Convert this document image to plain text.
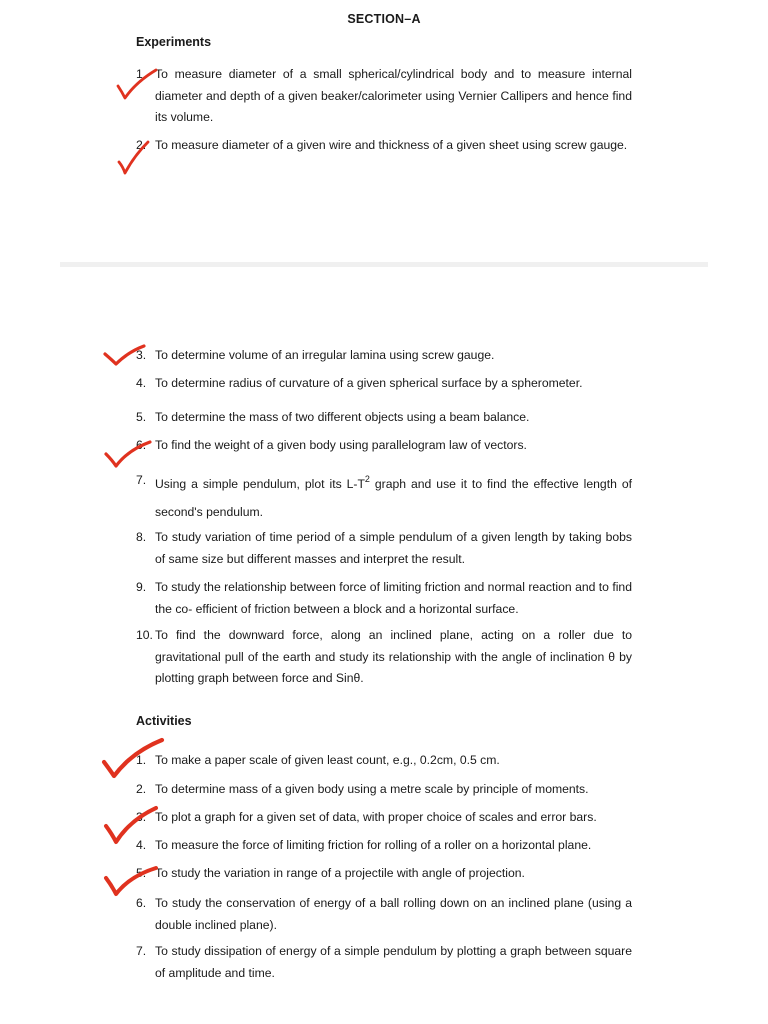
SECTION–A
Experiments
1. To measure diameter of a small spherical/cylindrical body and to measure internal diameter and depth of a given beaker/calorimeter using Vernier Callipers and hence find its volume.
2. To measure diameter of a given wire and thickness of a given sheet using screw gauge.
3. To determine volume of an irregular lamina using screw gauge.
4. To determine radius of curvature of a given spherical surface by a spherometer.
5. To determine the mass of two different objects using a beam balance.
6. To find the weight of a given body using parallelogram law of vectors.
7. Using a simple pendulum, plot its $L-T^2$ graph and use it to find the effective length of second's pendulum.
8. To study variation of time period of a simple pendulum of a given length by taking bobs of same size but different masses and interpret the result.
9. To study the relationship between force of limiting friction and normal reaction and to find the co- efficient of friction between a block and a horizontal surface.
10. To find the downward force, along an inclined plane, acting on a roller due to gravitational pull of the earth and study its relationship with the angle of inclination θ by plotting graph between force and Sinθ.
Activities
1. To make a paper scale of given least count, e.g., 0.2cm, 0.5 cm.
2. To determine mass of a given body using a metre scale by principle of moments.
3. To plot a graph for a given set of data, with proper choice of scales and error bars.
4. To measure the force of limiting friction for rolling of a roller on a horizontal plane.
5. To study the variation in range of a projectile with angle of projection.
6. To study the conservation of energy of a ball rolling down on an inclined plane (using a double inclined plane).
7. To study dissipation of energy of a simple pendulum by plotting a graph between square of amplitude and time.
